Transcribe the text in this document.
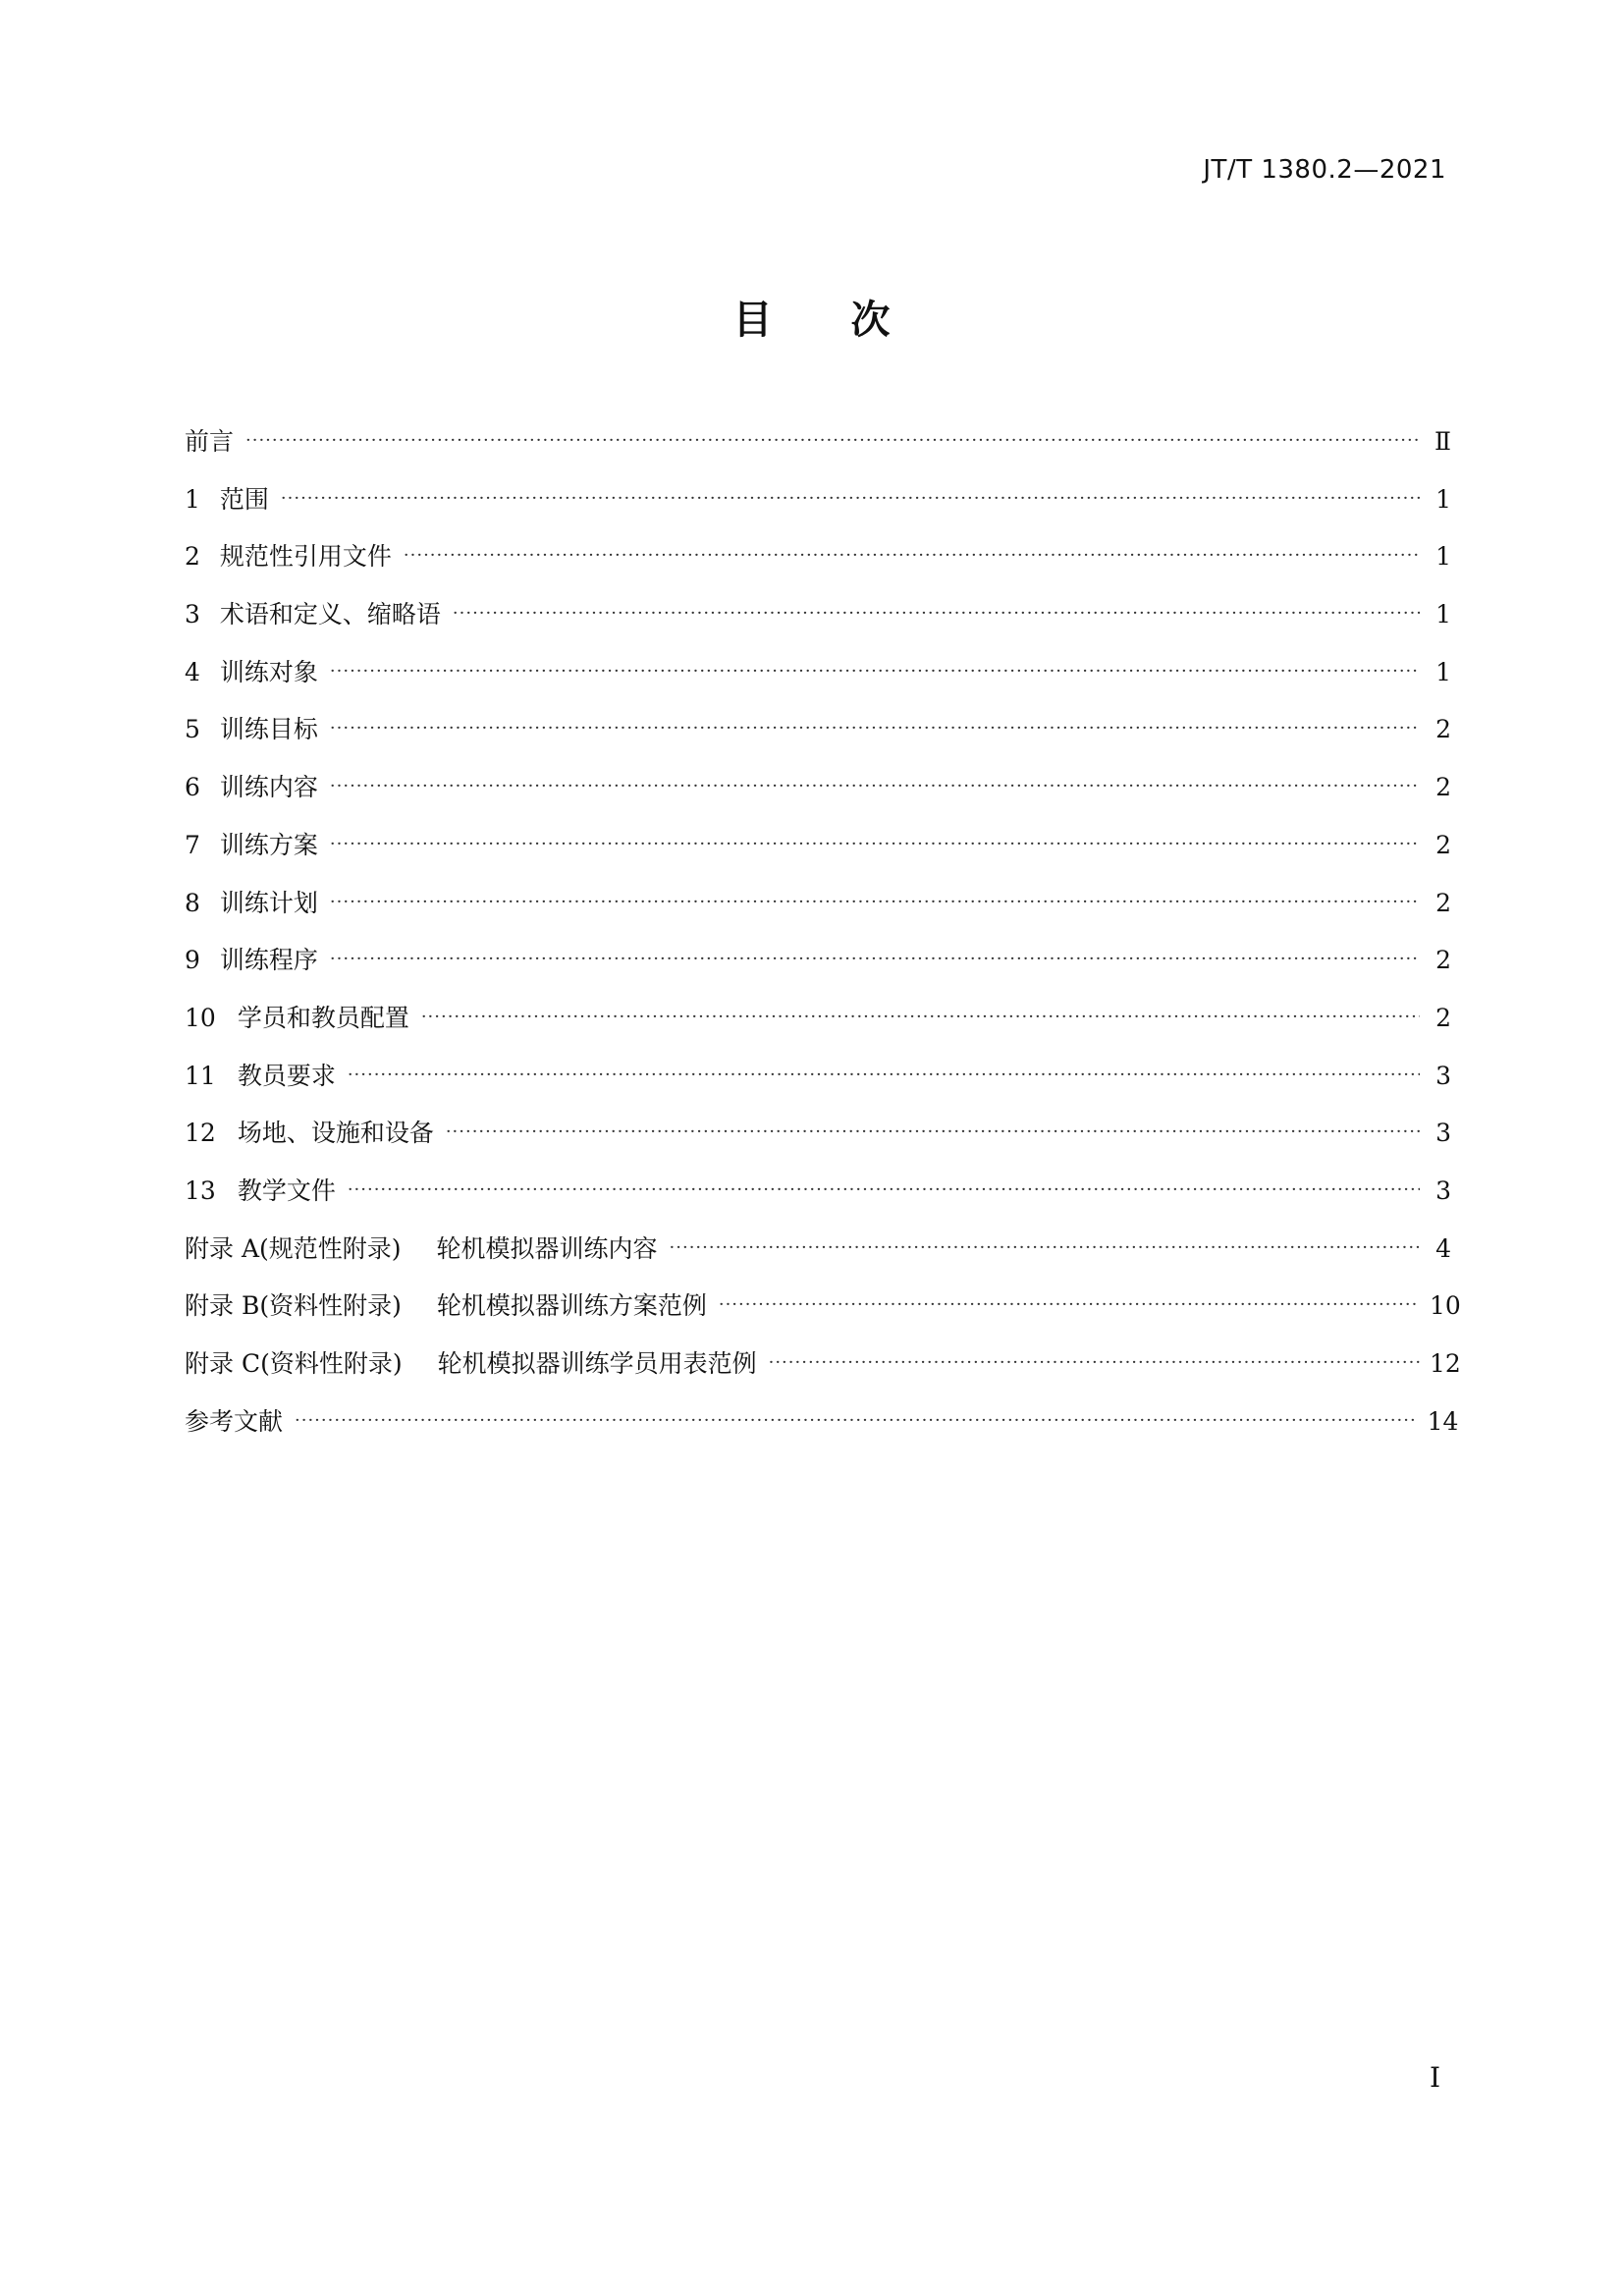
JT/T 1380.2—2021
目 次
前言 ·····	Ⅱ
1 范围 ·····	1
2 规范性引用文件 ·····	1
3 术语和定义、缩略语 ·····	1
4 训练对象 ·····	1
5 训练目标 ·····	2
6 训练内容 ·····	2
7 训练方案 ·····	2
8 训练计划 ·····	2
9 训练程序 ·····	2
10 学员和教员配置 ·····	2
11 教员要求 ·····	3
12 场地、设施和设备 ·····	3
13 教学文件 ·····	3
附录 A(规范性附录) 轮机模拟器训练内容 ·····	4
附录 B(资料性附录) 轮机模拟器训练方案范例 ·····	10
附录 C(资料性附录) 轮机模拟器训练学员用表范例 ·····	12
参考文献 ·····	14
Ⅰ
